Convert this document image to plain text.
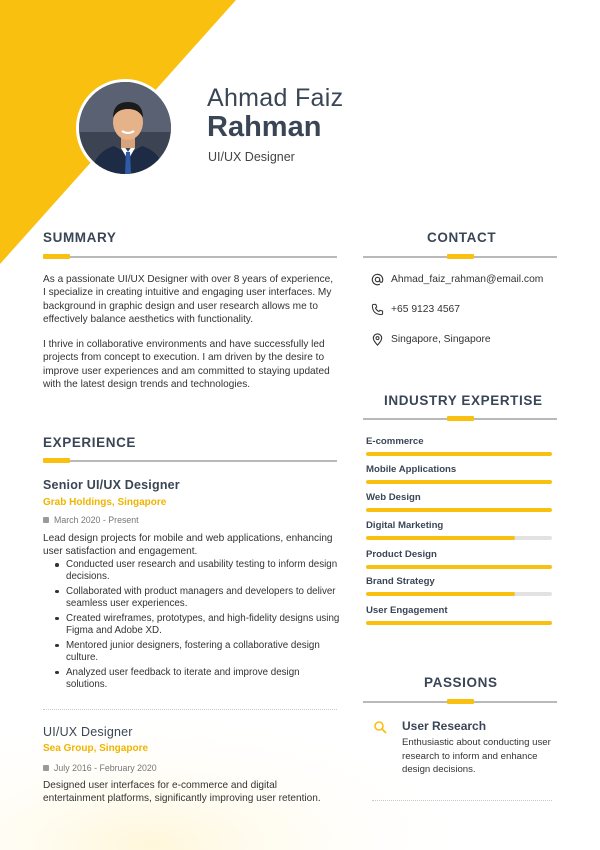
Ahmad Faiz
Rahman
UI/UX Designer
SUMMARY
As a passionate UI/UX Designer with over 8 years of experience, I specialize in creating intuitive and engaging user interfaces. My background in graphic design and user research allows me to effectively balance aesthetics with functionality.
I thrive in collaborative environments and have successfully led projects from concept to execution. I am driven by the desire to improve user experiences and am committed to staying updated with the latest design trends and technologies.
EXPERIENCE
Senior UI/UX Designer
Grab Holdings, Singapore
March 2020 - Present
Lead design projects for mobile and web applications, enhancing user satisfaction and engagement.
Conducted user research and usability testing to inform design decisions.
Collaborated with product managers and developers to deliver seamless user experiences.
Created wireframes, prototypes, and high-fidelity designs using Figma and Adobe XD.
Mentored junior designers, fostering a collaborative design culture.
Analyzed user feedback to iterate and improve design solutions.
UI/UX Designer
Sea Group, Singapore
July 2016 - February 2020
Designed user interfaces for e-commerce and digital entertainment platforms, significantly improving user retention.
CONTACT
Ahmad_faiz_rahman@email.com
+65 9123 4567
Singapore, Singapore
INDUSTRY EXPERTISE
E-commerce
Mobile Applications
Web Design
Digital Marketing
Product Design
Brand Strategy
User Engagement
PASSIONS
User Research
Enthusiastic about conducting user research to inform and enhance design decisions.
